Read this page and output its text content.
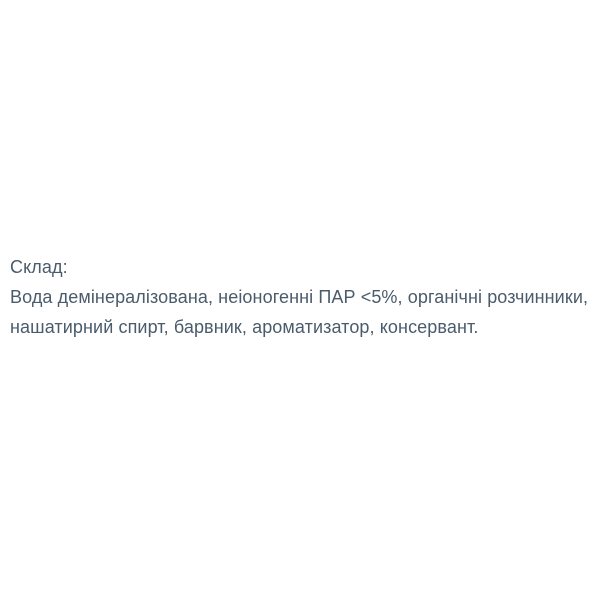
Склад:
Вода демінералізована, неіоногенні ПАР <5%, органічні розчинники,
нашатирний спирт, барвник, ароматизатор, консервант.
